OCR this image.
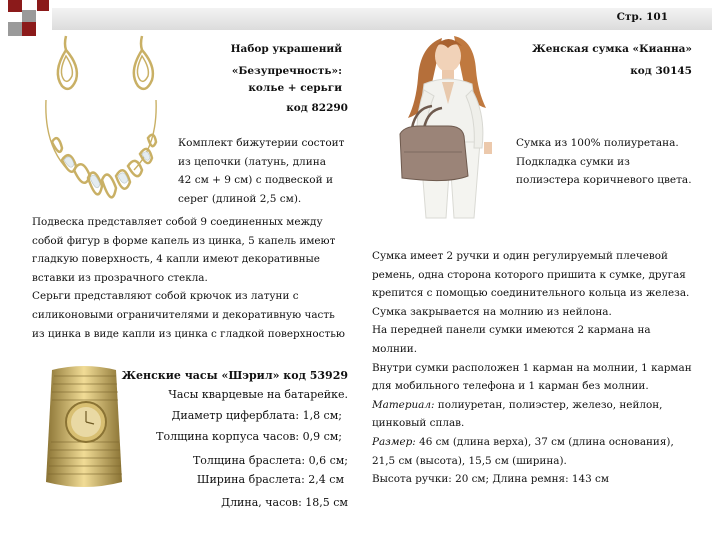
Стр. 101
Набор украшений
«Безупречность»:
колье + серьги
код 82290
Комплект бижутерии состоит
из цепочки (латунь, длина
42 см + 9 см) с подвеской и
серег (длиной 2,5 см).
Подвеска представляет собой 9 соединенных между
собой фигур в форме капель из цинка, 5 капель имеют
гладкую поверхность, 4 капли имеют декоративные
вставки из прозрачного стекла.
Серьги представляют собой крючок из латуни с
силиконовыми ограничителями и декоративную часть
из цинка в виде капли из цинка с гладкой поверхностью
Женская сумка «Кианна»
код 30145
Сумка из 100% полиуретана.
Подкладка сумки из
полиэстера коричневого цвета.
Сумка имеет 2 ручки и один регулируемый плечевой
ремень, одна сторона которого пришита к сумке, другая
крепится с помощью соединительного кольца из железа.
Сумка закрывается на молнию из нейлона.
На передней панели сумки имеются 2 кармана на
молнии.
Внутри сумки расположен 1 карман на молнии, 1 карман
для мобильного телефона и 1 карман без молнии.
Материал: полиуретан, полиэстер, железо, нейлон,
цинковый сплав.
Размер: 46 см (длина верха), 37 см (длина основания),
21,5 см (высота), 15,5 см (ширина).
Высота ручки: 20 см; Длина ремня: 143 см
Женские часы «Шэрил» код 53929
Часы кварцевые на батарейке.
Диаметр циферблата: 1,8 см;
Толщина корпуса часов: 0,9 см;
Толщина браслета: 0,6 см;
Ширина браслета: 2,4 см
Длина, часов: 18,5 см
